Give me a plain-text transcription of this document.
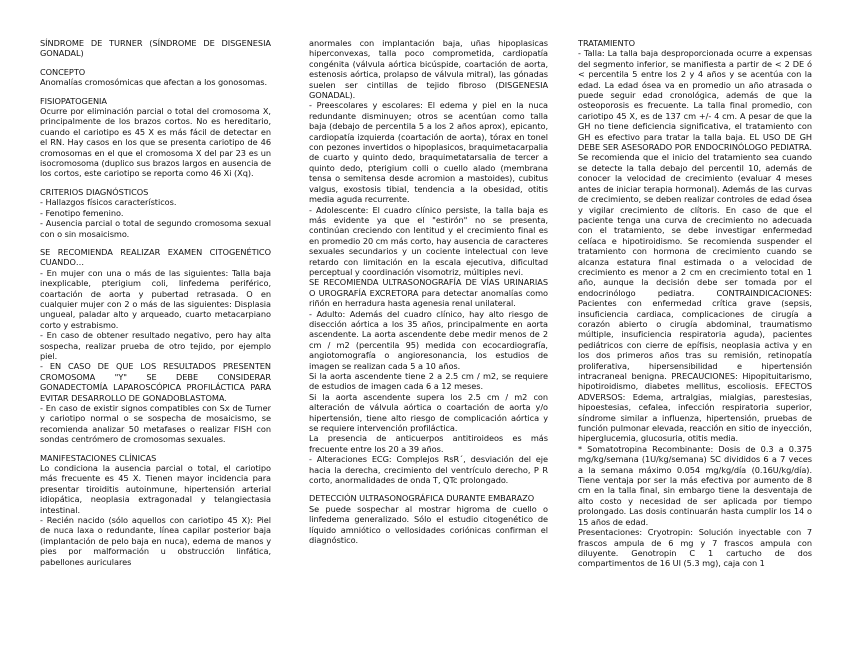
SÍNDROME DE TURNER (SÍNDROME DE DISGENESIA GONADAL)

CONCEPTO

Anomalías cromosómicas que afectan a los gonosomas.

FISIOPATOGENIA

Ocurre por eliminación parcial o total del cromosoma X, principalmente de los brazos cortos. No es hereditario, cuando el cariotipo es 45 X es más fácil de detectar en el RN. Hay casos en los que se presenta cariotipo de 46 cromosomas en el que el cromosoma X del par 23 es un isocromosoma (duplico sus brazos largos en ausencia de los cortos, este cariotipo se reporta como 46 Xi (Xq).

CRITERIOS DIAGNÓSTICOS

- Hallazgos físicos característicos.

- Fenotipo femenino.

- Ausencia parcial o total de segundo cromosoma sexual con o sin mosaicismo.

SE RECOMIENDA REALIZAR EXAMEN CITOGENÉTICO CUANDO…

- En mujer con una o más de las siguientes: Talla baja inexplicable, pterigium coli, linfedema periférico, coartación de aorta y pubertad retrasada. O en cualquier mujer con 2 o más de las siguientes: Displasia ungueal, paladar alto y arqueado, cuarto metacarpiano corto y estrabismo.

- En caso de obtener resultado negativo, pero hay alta sospecha, realizar prueba de otro tejido, por ejemplo piel.

- EN CASO DE QUE LOS RESULTADOS PRESENTEN CROMOSOMA "Y" SE DEBE CONSIDERAR GONADECTOMÍA LAPAROSCÓPICA PROFILÁCTICA PARA EVITAR DESARROLLO DE GONADOBLASTOMA.

- En caso de existir signos compatibles con Sx de Turner y cariotipo normal o se sospecha de mosaicismo, se recomienda analizar 50 metafases o realizar FISH con sondas centrómero de cromosomas sexuales.

MANIFESTACIONES CLÍNICAS

Lo condiciona la ausencia parcial o total, el cariotipo más frecuente es 45 X. Tienen mayor incidencia para presentar tiroiditis autoinmune, hipertensión arterial idiopática, neoplasia extragonadal y telangiectasia intestinal.

- Recién nacido (sólo aquellos con cariotipo 45 X): Piel de nuca laxa o redundante, línea capilar posterior baja (implantación de pelo baja en nuca), edema de manos y pies por malformación u obstrucción linfática, pabellones auriculares

anormales con implantación baja, uñas hipoplasicas hiperconvexas, talla poco comprometida, cardiopatía congénita (válvula aórtica bicúspide, coartación de aorta, estenosis aórtica, prolapso de válvula mitral), las gónadas suelen ser cintillas de tejido fibroso (DISGENESIA GONADAL).

- Preescolares y escolares: El edema y piel en la nuca redundante disminuyen; otros se acentúan como talla baja (debajo de percentila 5 a los 2 años aprox), epicanto, cardiopatía izquierda (coartación de aorta), tórax en tonel con pezones invertidos o hipoplasicos, braquimetacarpalia de cuarto y quinto dedo, braquimetatarsalia de tercer a quinto dedo, pterigium colli o cuello alado (membrana tensa o semitensa desde acromion a mastoides), cubitus valgus, exostosis tibial, tendencia a la obesidad, otitis media aguda recurrente.

- Adolescente: El cuadro clínico persiste, la talla baja es más evidente ya que el "estirón" no se presenta, continúan creciendo con lentitud y el crecimiento final es en promedio 20 cm más corto, hay ausencia de caracteres sexuales secundarios y un cociente intelectual con leve retardo con limitación en la escala ejecutiva, dificultad perceptual y coordinación visomotriz, múltiples nevi.

SE RECOMIENDA ULTRASONOGRAFÍA DE VÍAS URINARIAS O UROGRAFÍA EXCRETORA para detectar anomalías como riñón en herradura hasta agenesia renal unilateral.

- Adulto: Además del cuadro clínico, hay alto riesgo de disección aórtica a los 35 años, principalmente en aorta ascendente. La aorta ascendente debe medir menos de 2 cm / m2 (percentila 95) medida con ecocardiografía, angiotomografía o angioresonancia, los estudios de imagen se realizan cada 5 a 10 años.

Si la aorta ascendente tiene 2 a 2.5 cm / m2, se requiere de estudios de imagen cada 6 a 12 meses.

Si la aorta ascendente supera los 2.5 cm / m2 con alteración de válvula aórtica o coartación de aorta y/o hipertensión, tiene alto riesgo de complicación aórtica y se requiere intervención profiláctica.

La presencia de anticuerpos antitiroideos es más frecuente entre los 20 a 39 años.

- Alteraciones ECG: Complejos RsR´, desviación del eje hacia la derecha, crecimiento del ventrículo derecho, P R corto, anormalidades de onda T, QTc prolongado.

DETECCIÓN ULTRASONOGRÁFICA DURANTE EMBARAZO

Se puede sospechar al mostrar higroma de cuello o linfedema generalizado. Sólo el estudio citogenético de líquido amniótico o vellosidades coriónicas confirman el diagnóstico.

TRATAMIENTO

- Talla: La talla baja desproporcionada ocurre a expensas del segmento inferior, se manifiesta a partir de < 2 DE ó < percentila 5 entre los 2 y 4 años y se acentúa con la edad. La edad ósea va en promedio un año atrasada o puede seguir edad cronológica, además de que la osteoporosis es frecuente. La talla final promedio, con cariotipo 45 X, es de 137 cm +/- 4 cm. A pesar de que la GH no tiene deficiencia significativa, el tratamiento con GH es efectivo para tratar la talla baja. EL USO DE GH DEBE SER ASESORADO POR ENDOCRINÓLOGO PEDIATRA. Se recomienda que el inicio del tratamiento sea cuando se detecte la talla debajo del percentil 10, además de conocer la velocidad de crecimiento (evaluar 4 meses antes de iniciar terapia hormonal). Además de las curvas de crecimiento, se deben realizar controles de edad ósea y vigilar crecimiento de clítoris. En caso de que el paciente tenga una curva de crecimiento no adecuada con el tratamiento, se debe investigar enfermedad celíaca e hipotiroidismo. Se recomienda suspender el tratamiento con hormona de crecimiento cuando se alcanza estatura final estimada o a velocidad de crecimiento es menor a 2 cm en crecimiento total en 1 año, aunque la decisión debe ser tomada por el endocrinólogo pediatra. CONTRAINDICACIONES: Pacientes con enfermedad crítica grave (sepsis, insuficiencia cardiaca, complicaciones de cirugía a corazón abierto o cirugía abdominal, traumatismo múltiple, insuficiencia respiratoria aguda), pacientes pediátricos con cierre de epífisis, neoplasia activa y en los dos primeros años tras su remisión, retinopatía proliferativa, hipersensibilidad e hipertensión intracraneal benigna. PRECAUCIONES: Hipopituitarismo, hipotiroidismo, diabetes mellitus, escoliosis. EFECTOS ADVERSOS: Edema, artralgias, mialgias, parestesias, hipoestesias, cefalea, infección respiratoria superior, síndrome similar a influenza, hipertensión, pruebas de función pulmonar elevada, reacción en sitio de inyección, hiperglucemia, glucosuria, otitis media.

* Somatotropina Recombinante: Dosis de 0.3 a 0.375 mg/kg/semana (1U/kg/semana) SC divididos 6 a 7 veces a la semana máximo 0.054 mg/kg/día (0.16U/kg/día). Tiene ventaja por ser la más efectiva por aumento de 8 cm en la talla final, sin embargo tiene la desventaja de alto costo y necesidad de ser aplicada por tiempo prolongado. Las dosis continuarán hasta cumplir los 14 o 15 años de edad.

Presentaciones: Cryotropin: Solución inyectable con 7 frascos ampula de 6 mg y 7 frascos ampula con diluyente. Genotropin C 1 cartucho de dos compartimentos de 16 UI (5.3 mg), caja con 1
